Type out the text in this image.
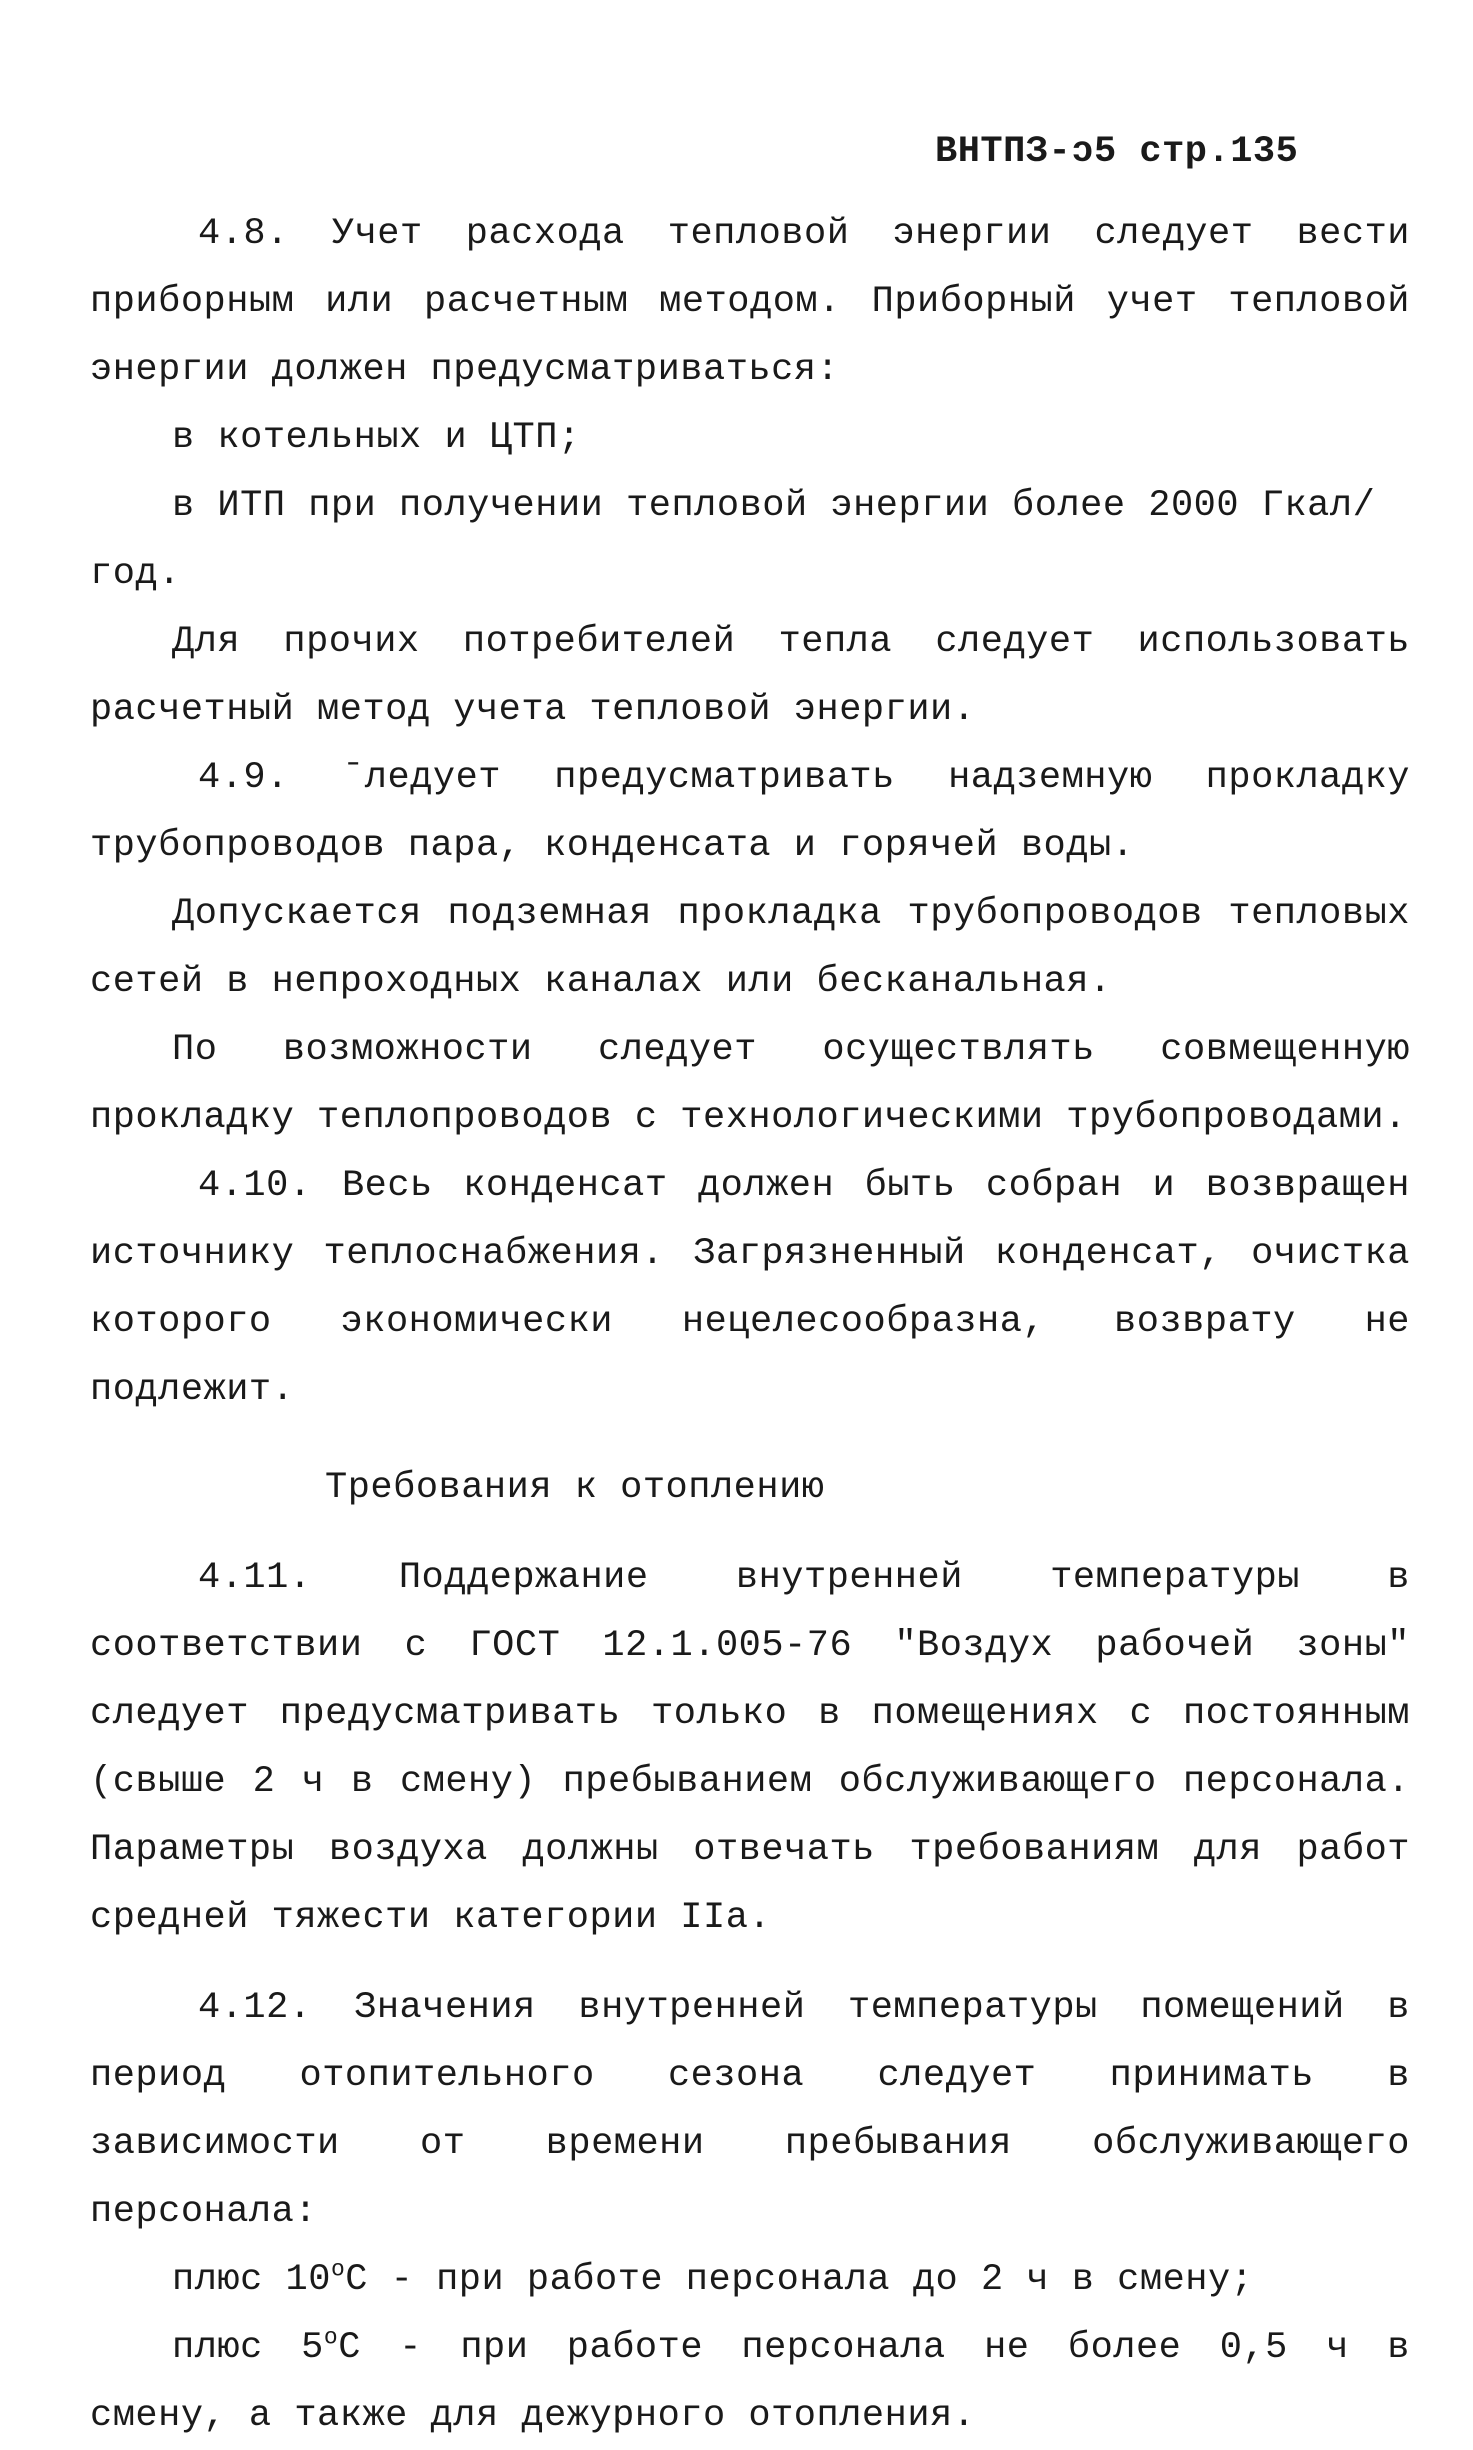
ВНТПЗ-ɔ5 стр.135

4.8. Учет расхода тепловой энергии следует вести приборным или расчетным методом. Приборный учет тепловой энергии должен предусматриваться:

в котельных и ЦТП;

в ИТП при получении тепловой энергии более 2000 Гкал/год.

Для прочих потребителей тепла следует использовать расчетный метод учета тепловой энергии.

4.9. ˉледует предусматривать надземную прокладку трубопроводов пара, конденсата и горячей воды.

Допускается подземная прокладка трубопроводов тепловых сетей в непроходных каналах или бесканальная.

По возможности следует осуществлять совмещенную прокладку теплопроводов с технологическими трубопроводами.

4.10. Весь конденсат должен быть собран и возвращен источнику теплоснабжения. Загрязненный конденсат, очистка которого экономически нецелесообразна, возврату не подлежит.

Требования к отоплению

4.11. Поддержание внутренней температуры в соответствии с ГОСТ 12.1.005-76 "Воздух рабочей зоны" следует предусматривать только в помещениях с постоянным (свыше 2 ч в смену) пребыванием обслуживающего персонала. Параметры воздуха должны отвечать требованиям для работ средней тяжести категории IIа.

4.12. Значения внутренней температуры помещений в период отопительного сезона следует принимать в зависимости от времени пребывания обслуживающего персонала:

плюс $10^оС$ - при работе персонала до 2 ч в смену;

плюс $5^оС$ - при работе персонала не более 0,5 ч в смену, а также для дежурного отопления.
